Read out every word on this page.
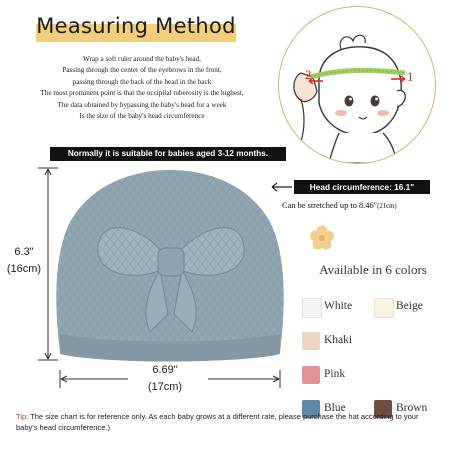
Measuring Method
Wrap a soft ruler around the baby's head,
Passing through the center of the eyebrows in the front,
passing through the back of the head in the back
The most prominent point is that the occipital tuberosity is the highest,
The data obtained by bypassing the baby's head for a week
Is the size of the baby's head circumference
2	1
Normally it is suitable for babies aged 3-12 months.
6.3"
(16cm)
6.69"
(17cm)
Head circumference: 16.1"
Can be stretched up to 8.46"(21cm)
Available in 6 colors
White	Beige
Khaki
Pink
Blue	Brown
Tip: The size chart is for reference only. As each baby grows at a different rate, please purchase the hat according to your baby's head circumference.)
